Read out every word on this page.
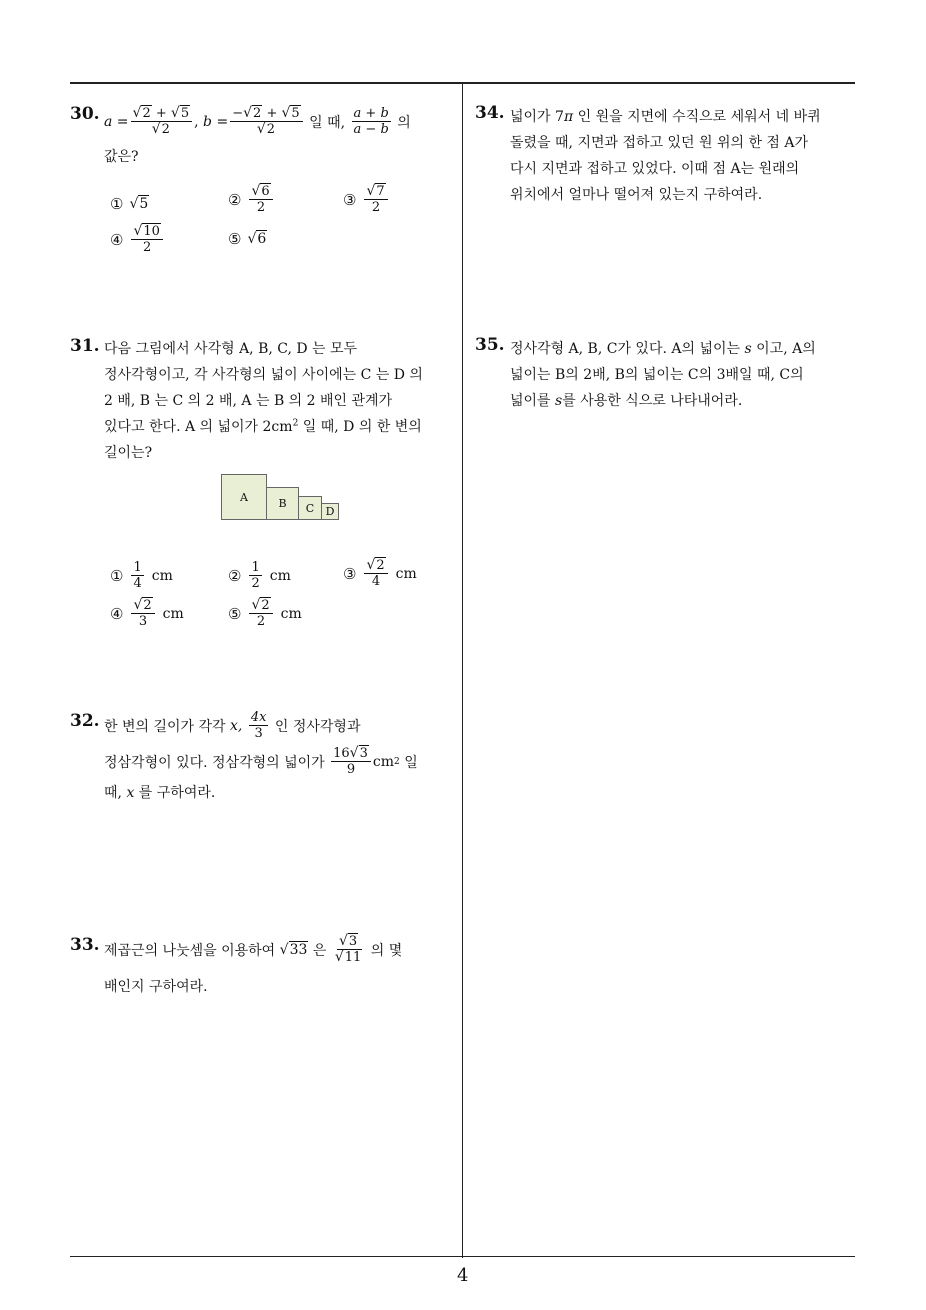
30. $a = \frac{√2 + √5}{√2}$ ,
$b = \frac{-√2 + √5}{√2}$
일 때,
$\frac{a + b}{a - b}$
의
값은?
① √5	② $\frac{√6}{2}$	③ $\frac{√7}{2}$
④ $\frac{√10}{2}$	⑤ √6
31. 다음 그림에서 사각형 A, B, C, D 는 모두
정사각형이고, 각 사각형의 넓이 사이에는 C 는 D 의
2 배, B 는 C 의 2 배, A 는 B 의 2 배인 관계가
있다고 한다. A 의 넓이가 $2cm^2$ 일 때, D 의 한 변의
길이는?
A	B	C	D
① $\frac{1}{4}$ cm	② $\frac{1}{2}$ cm	③ $\frac{√2}{4}$ cm
④ $\frac{√2}{3}$ cm	⑤ $\frac{√2}{2}$ cm
32. 한 변의 길이가 각각
x,
$\frac{4x}{3}$
인 정사각형과
정삼각형이 있다. 정삼각형의 넓이가
$\frac{16√3}{9}$ cm 2
일
때, x 를 구하여라.
33. 제곱근의 나눗셈을 이용하여
√33
은
$\frac{√3}{√11}$
의 몇
배인지 구하여라.
34. 넓이가 7π 인 원을 지면에 수직으로 세워서 네 바퀴
돌렸을 때, 지면과 접하고 있던 원 위의 한 점 A가
다시 지면과 접하고 있었다. 이때 점 A는 원래의
위치에서 얼마나 떨어져 있는지 구하여라.
35. 정사각형 A, B, C가 있다. A의 넓이는 s 이고, A의
넓이는 B의 2배, B의 넓이는 C의 3배일 때, C의
넓이를 s를 사용한 식으로 나타내어라.
4
